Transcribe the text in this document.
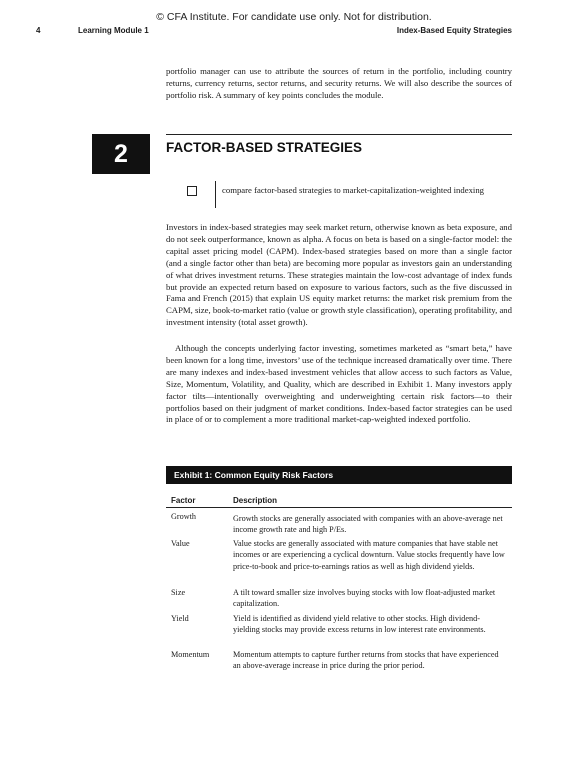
© CFA Institute. For candidate use only. Not for distribution.
4	Learning Module 1	Index-Based Equity Strategies

portfolio manager can use to attribute the sources of return in the portfolio, including country returns, currency returns, sector returns, and security returns. We will also describe the sources of portfolio risk. A summary of key points concludes the module.

2	FACTOR-BASED STRATEGIES
compare factor-based strategies to market-capitalization-weighted indexing

Investors in index-based strategies may seek market return, otherwise known as beta exposure, and do not seek outperformance, known as alpha. A focus on beta is based on a single-factor model: the capital asset pricing model (CAPM). Index-based strategies based on more than a single factor (and a single factor other than beta) are becoming more popular as investors gain an understanding of what drives investment returns. These strategies maintain the low-cost advantage of index funds but provide an expected return based on exposure to various factors, such as the five discussed in Fama and French (2015) that explain US equity market returns: the market risk premium from the CAPM, size, book-to-market ratio (value or growth style classification), operating profitability, and investment intensity (total asset growth).

Although the concepts underlying factor investing, sometimes marketed as “smart beta,” have been known for a long time, investors’ use of the technique increased dramatically over time. There are many indexes and index-based investment vehicles that allow access to such factors as Value, Size, Momentum, Volatility, and Quality, which are described in Exhibit 1. Many investors apply factor tilts—intentionally overweighting and underweighting certain risk factors—to their portfolios based on their judgment of market conditions. Index-based factor strategies can be used in place of or to complement a more traditional market-cap-weighted indexed portfolio.

Exhibit 1: Common Equity Risk Factors
Factor	Description
Growth	Growth stocks are generally associated with companies with an above-average net income growth rate and high P/Es.
Value	Value stocks are generally associated with mature companies that have stable net incomes or are experiencing a cyclical downturn. Value stocks frequently have low price-to-book and price-to-earnings ratios as well as high dividend yields.
Size	A tilt toward smaller size involves buying stocks with low float-adjusted market capitalization.
Yield	Yield is identified as dividend yield relative to other stocks. High dividend-yielding stocks may provide excess returns in low interest rate environments.
Momentum	Momentum attempts to capture further returns from stocks that have experienced an above-average increase in price during the prior period.
